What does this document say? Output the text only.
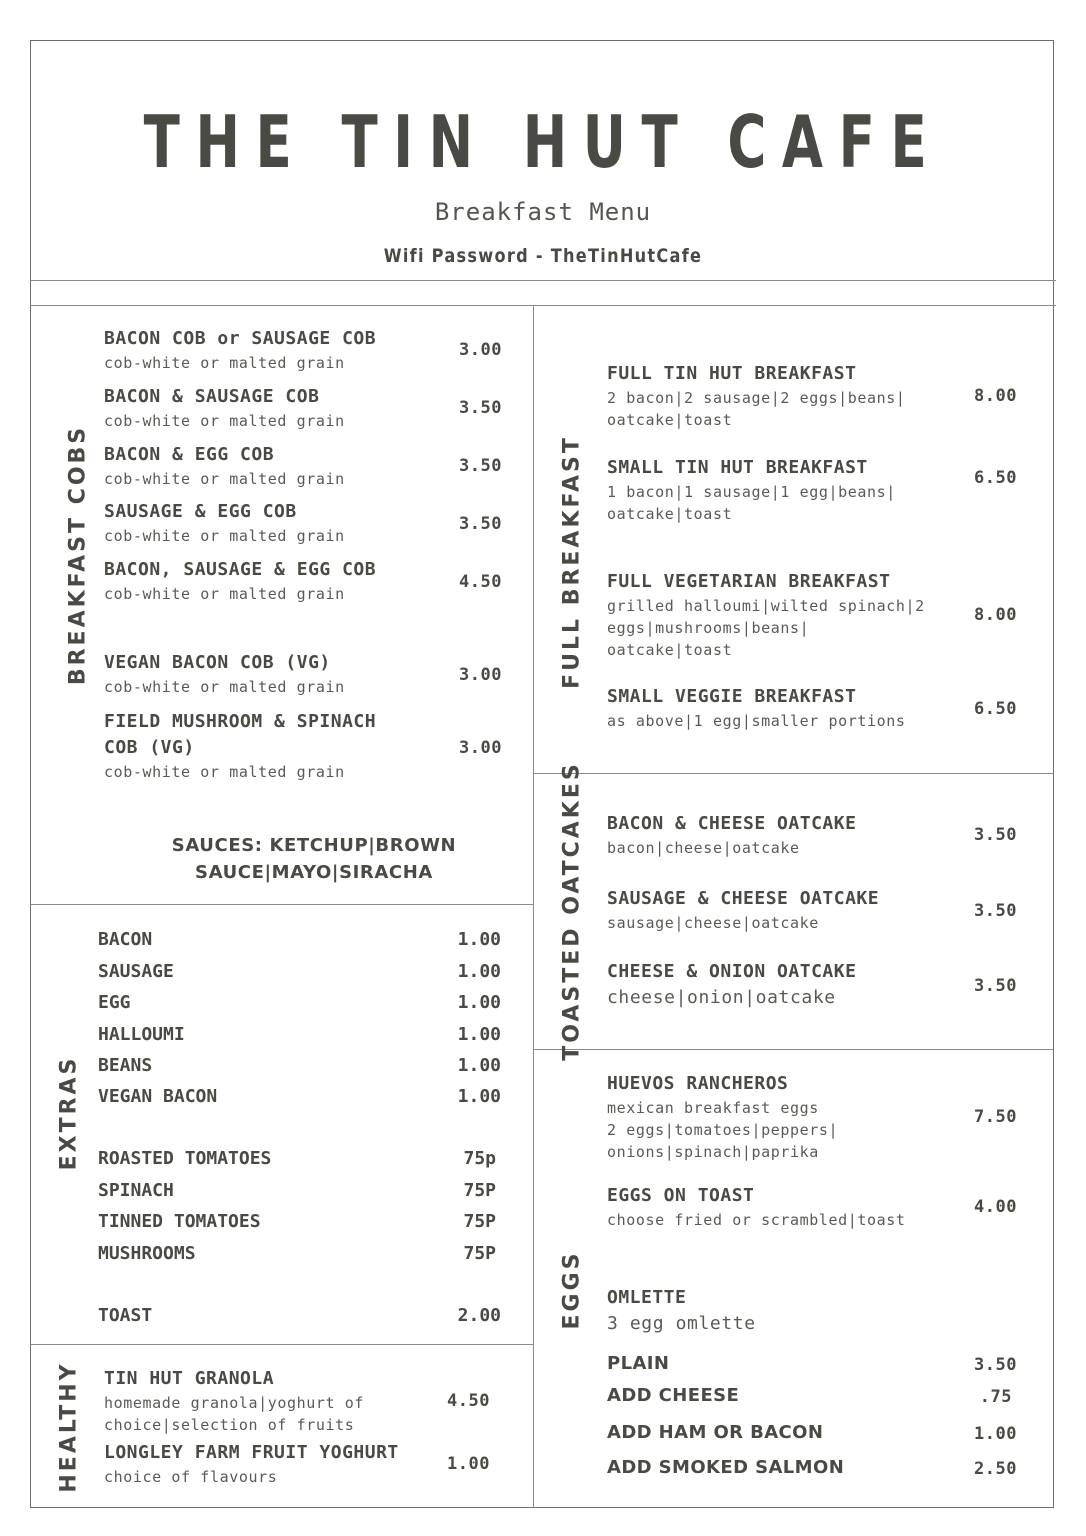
THE TIN HUT CAFE
Breakfast Menu
Wifi Password - TheTinHutCafe
BREAKFAST COBS
BACON COB or SAUSAGE COB
cob-white or malted grain
3.00
BACON & SAUSAGE COB
cob-white or malted grain
3.50
BACON & EGG COB
cob-white or malted grain
3.50
SAUSAGE & EGG COB
cob-white or malted grain
3.50
BACON, SAUSAGE & EGG COB
cob-white or malted grain
4.50
VEGAN BACON COB (VG)
cob-white or malted grain
3.00
FIELD MUSHROOM & SPINACH
COB (VG)
cob-white or malted grain
3.00
SAUCES: KETCHUP|BROWN
SAUCE|MAYO|SIRACHA
EXTRAS
BACON	1.00
SAUSAGE	1.00
EGG	1.00
HALLOUMI	1.00
BEANS	1.00
VEGAN BACON	1.00
ROASTED TOMATOES	75p
SPINACH	75P
TINNED TOMATOES	75P
MUSHROOMS	75P
TOAST	2.00
HEALTHY TIN HUT GRANOLA
homemade granola|yoghurt of
choice|selection of fruits
4.50
LONGLEY FARM FRUIT YOGHURT
choice of flavours
1.00
FULL BREAKFAST
FULL TIN HUT BREAKFAST
2 bacon|2 sausage|2 eggs|beans|
oatcake|toast
8.00
SMALL TIN HUT BREAKFAST
1 bacon|1 sausage|1 egg|beans|
oatcake|toast
6.50
FULL VEGETARIAN BREAKFAST
grilled halloumi|wilted spinach|2
eggs|mushrooms|beans|
oatcake|toast
8.00
SMALL VEGGIE BREAKFAST
as above|1 egg|smaller portions
6.50
TOASTED OATCAKES BACON & CHEESE OATCAKE
bacon|cheese|oatcake
3.50
SAUSAGE & CHEESE OATCAKE
sausage|cheese|oatcake
3.50
CHEESE & ONION OATCAKE
cheese|onion|oatcake
3.50
EGGS
HUEVOS RANCHEROS
mexican breakfast eggs
2 eggs|tomatoes|peppers|
onions|spinach|paprika
7.50
EGGS ON TOAST
choose fried or scrambled|toast
4.00
OMLETTE
3 egg omlette
PLAIN	3.50
ADD CHEESE	.75
ADD HAM OR BACON	1.00
ADD SMOKED SALMON	2.50
